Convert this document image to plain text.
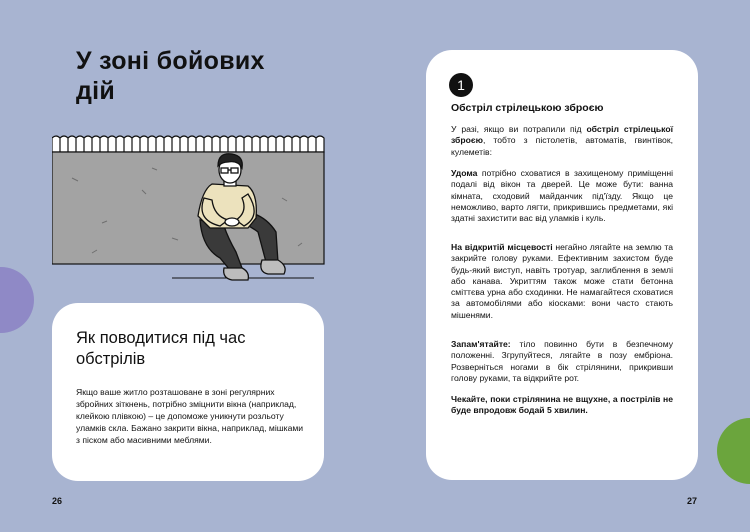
У зоні бойових дій
Як поводитися під час обстрілів

Якщо ваше житло розташоване в зоні регулярних збройних зіткнень, потрібно зміцнити вікна (наприклад, клейкою плівкою) – це допоможе уникнути розльоту уламків скла. Бажано закрити вікна, наприклад, мішками з піском або масивними меблями.

1
Обстріл стрілецькою зброєю

У разі, якщо ви потрапили під обстріл стрілецької зброєю, тобто з пістолетів, автоматів, гвинтівок, кулеметів:

Удома потрібно сховатися в захищеному приміщенні подалі від вікон та дверей. Це може бути: ванна кімната, сходовий майданчик під'їзду. Якщо це неможливо, варто лягти, прикрившись предметами, які здатні захистити вас від уламків і куль.

На відкритій місцевості негайно лягайте на землю та закрийте голову руками. Ефективним захистом буде будь-який виступ, навіть тротуар, заглиблення в землі або канава. Укриттям також може стати бетонна сміттєва урна або сходинки. Не намагайтеся сховатися за автомобілями або кіосками: вони часто стають мішенями.

Запам'ятайте: тіло повинно бути в безпечному положенні. Згрупуйтеся, лягайте в позу ембріона. Розверніться ногами в бік стрілянини, прикривши голову руками, та відкрийте рот.

Чекайте, поки стрілянина не вщухне, а пострілів не буде впродовж бодай 5 хвилин.

26	27
